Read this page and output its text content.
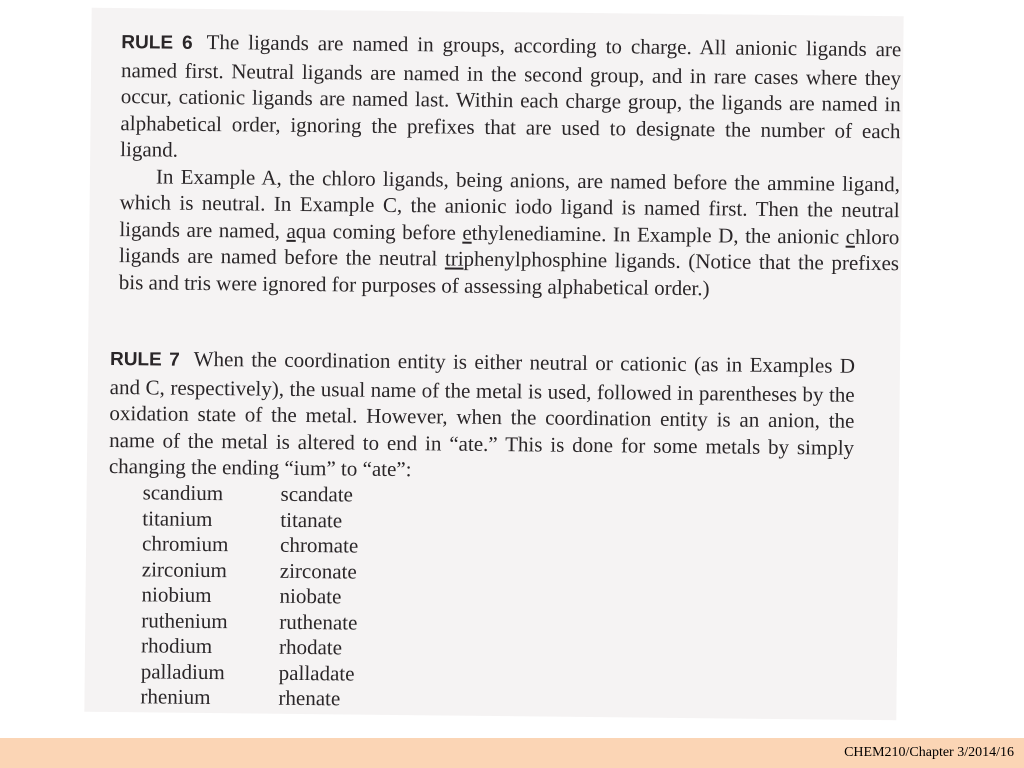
RULE 6 The ligands are named in groups, according to charge. All anionic ligands are named first. Neutral ligands are named in the second group, and in rare cases where they occur, cationic ligands are named last. Within each charge group, the ligands are named in alphabetical order, ignoring the prefixes that are used to designate the number of each ligand.
In Example A, the chloro ligands, being anions, are named before the ammine ligand, which is neutral. In Example C, the anionic iodo ligand is named first. Then the neutral ligands are named, aqua coming before ethylenediamine. In Example D, the anionic chloro ligands are named before the neutral triphenylphosphine ligands. (Notice that the prefixes bis and tris were ignored for purposes of assessing alphabetical order.)

RULE 7 When the coordination entity is either neutral or cationic (as in Examples D and C, respectively), the usual name of the metal is used, followed in parentheses by the oxidation state of the metal. However, when the coordination entity is an anion, the name of the metal is altered to end in “ate.” This is done for some metals by simply changing the ending “ium” to “ate”:

scandium	scandate
titanium	titanate
chromium	chromate
zirconium	zirconate
niobium	niobate
ruthenium	ruthenate
rhodium	rhodate
palladium	palladate
rhenium	rhenate
CHEM210/Chapter 3/2014/16
